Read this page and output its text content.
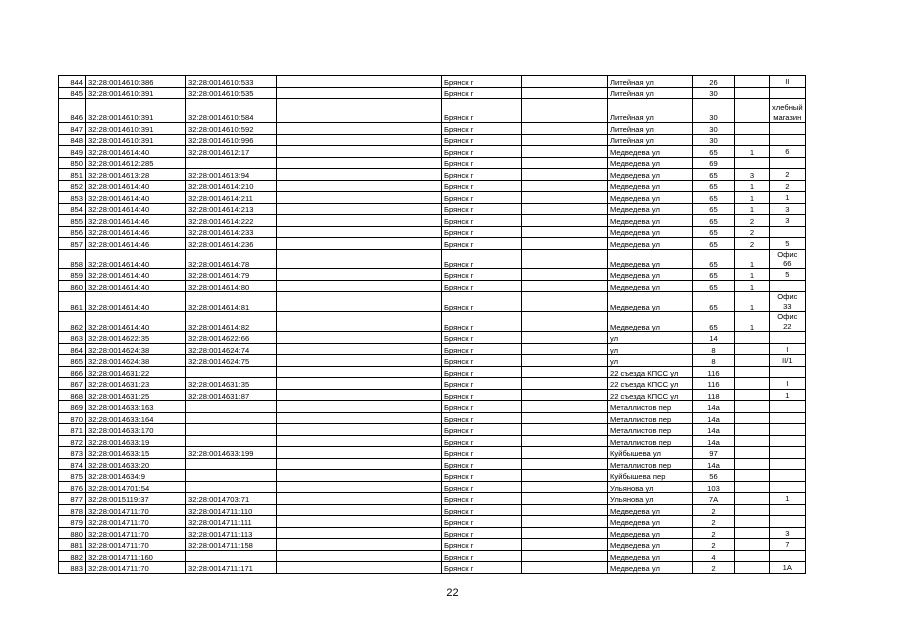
844	32:28:0014610:386	32:28:0014610:533		Брянск г		Литейная ул	26		II
845	32:28:0014610:391	32:28:0014610:535		Брянск г		Литейная ул	30		
846	32:28:0014610:391	32:28:0014610:584		Брянск г		Литейная ул	30		хлебный магазин
847	32:28:0014610:391	32:28:0014610:592		Брянск г		Литейная ул	30		
848	32:28:0014610:391	32:28:0014610:996		Брянск г		Литейная ул	30		
849	32:28:0014614:40	32:28:0014612:17		Брянск г		Медведева ул	65	1	6
850	32:28:0014612:285			Брянск г		Медведева ул	69		
851	32:28:0014613:28	32:28:0014613:94		Брянск г		Медведева ул	65	3	2
852	32:28:0014614:40	32:28:0014614:210		Брянск г		Медведева ул	65	1	2
853	32:28:0014614:40	32:28:0014614:211		Брянск г		Медведева ул	65	1	1
854	32:28:0014614:40	32:28:0014614:213		Брянск г		Медведева ул	65	1	3
855	32:28:0014614:46	32:28:0014614:222		Брянск г		Медведева ул	65	2	3
856	32:28:0014614:46	32:28:0014614:233		Брянск г		Медведева ул	65	2	
857	32:28:0014614:46	32:28:0014614:236		Брянск г		Медведева ул	65	2	5
858	32:28:0014614:40	32:28:0014614:78		Брянск г		Медведева ул	65	1	Офис 66
859	32:28:0014614:40	32:28:0014614:79		Брянск г		Медведева ул	65	1	5
860	32:28:0014614:40	32:28:0014614:80		Брянск г		Медведева ул	65	1	
861	32:28:0014614:40	32:28:0014614:81		Брянск г		Медведева ул	65	1	Офис 33
862	32:28:0014614:40	32:28:0014614:82		Брянск г		Медведева ул	65	1	Офис 22
863	32:28:0014622:35	32:28:0014622:66		Брянск г		ул	14		
864	32:28:0014624:38	32:28:0014624:74		Брянск г		ул	8		I
865	32:28:0014624:38	32:28:0014624:75		Брянск г		ул	8		II/1
866	32:28:0014631:22			Брянск г		22 съезда КПСС ул	116		
867	32:28:0014631:23	32:28:0014631:35		Брянск г		22 съезда КПСС ул	116		I
868	32:28:0014631:25	32:28:0014631:87		Брянск г		22 съезда КПСС ул	118		1
869	32:28:0014633:163			Брянск г		Металлистов пер	14а		
870	32:28:0014633:164			Брянск г		Металлистов пер	14а		
871	32:28:0014633:170			Брянск г		Металлистов пер	14а		
872	32:28:0014633:19			Брянск г		Металлистов пер	14а		
873	32:28:0014633:15	32:28:0014633:199		Брянск г		Куйбышева ул	97		
874	32:28:0014633:20			Брянск г		Металлистов пер	14а		
875	32:28:0014634:9			Брянск г		Куйбышева пер	56		
876	32:28:0014701:54			Брянск г		Ульянова ул	103		
877	32:28:0015119:37	32:28:0014703:71		Брянск г		Ульянова ул	7А		1
878	32:28:0014711:70	32:28:0014711:110		Брянск г		Медведева ул	2		
879	32:28:0014711:70	32:28:0014711:111		Брянск г		Медведева ул	2		
880	32:28:0014711:70	32:28:0014711:113		Брянск г		Медведева ул	2		3
881	32:28:0014711:70	32:28:0014711:158		Брянск г		Медведева ул	2		7
882	32:28:0014711:160			Брянск г		Медведева ул	4		
883	32:28:0014711:70	32:28:0014711:171		Брянск г		Медведева ул	2		1А
22
